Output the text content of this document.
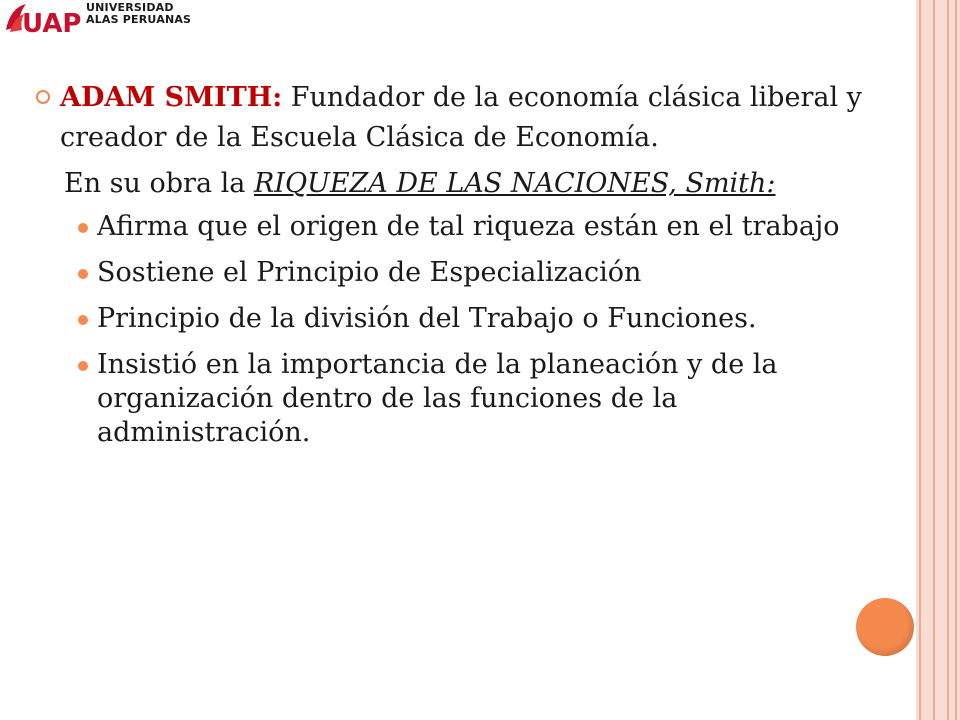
UAP
UNIVERSIDAD
ALAS PERUANAS
ADAM SMITH: Fundador de la economía clásica liberal y creador de la Escuela Clásica de Economía.
En su obra la RIQUEZA DE LAS NACIONES, Smith:
Afirma que el origen de tal riqueza están en el trabajo
Sostiene el Principio de Especialización
Principio de la división del Trabajo o Funciones.
Insistió en la importancia de la planeación y de la organización dentro de las funciones de la administración.
